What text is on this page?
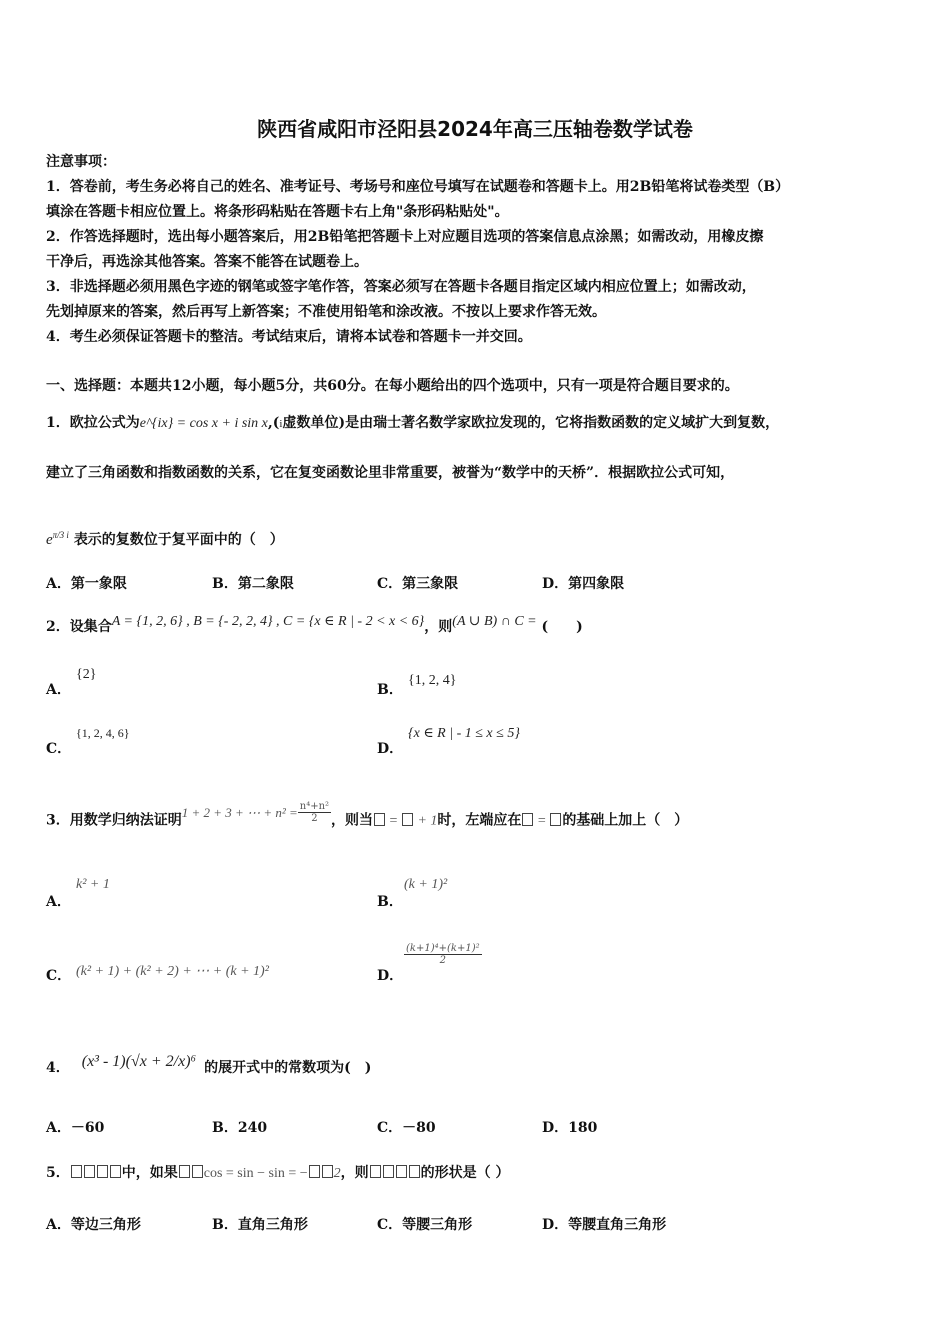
陕西省咸阳市泾阳县2024年高三压轴卷数学试卷
注意事项：
1．答卷前，考生务必将自己的姓名、准考证号、考场号和座位号填写在试题卷和答题卡上。用2B铅笔将试卷类型（B）
填涂在答题卡相应位置上。将条形码粘贴在答题卡右上角"条形码粘贴处"。
2．作答选择题时，选出每小题答案后，用2B铅笔把答题卡上对应题目选项的答案信息点涂黑；如需改动，用橡皮擦
干净后，再选涂其他答案。答案不能答在试题卷上。
3．非选择题必须用黑色字迹的钢笔或签字笔作答，答案必须写在答题卡各题目指定区域内相应位置上；如需改动，
先划掉原来的答案，然后再写上新答案；不准使用铅笔和涂改液。不按以上要求作答无效。
4．考生必须保证答题卡的整洁。考试结束后，请将本试卷和答题卡一并交回。
一、选择题：本题共12小题，每小题5分，共60分。在每小题给出的四个选项中，只有一项是符合题目要求的。
1．欧拉公式为e^{ix} = cos x + i sin x,(i虚数单位)是由瑞士著名数学家欧拉发现的，它将指数函数的定义域扩大到复数，
建立了三角函数和指数函数的关系，它在复变函数论里非常重要，被誉为“数学中的天桥”．根据欧拉公式可知，
$e^{\pi/3 i}$ 表示的复数位于复平面中的（　）
A．第一象限	B．第二象限	C．第三象限	D．第四象限
2．设集合A = {1, 2, 6} , B = {- 2, 2, 4} , C = {x ∈ R | - 2 < x < 6}，则(A ∪ B) ∩ C = (　　)
A．
{2}
B．
{1, 2, 4}
C．
{1, 2, 4, 6}
D．
{x ∈ R | - 1 ≤ x ≤ 5}
3．用数学归纳法证明1 + 2 + 3 + ⋯ + $n^2 = \frac{\text{n⁴+n²}}{2}$ ，则当 =  + 1时，左端应在 = 的基础上加上（　）
A．
k² + 1
B．
(k + 1)²
C． (k² + 1) + (k² + 2) + ⋯ + (k + 1)²	D．
$\frac{\text{(k+1)⁴+(k+1)²}}{2}$
4． (x³ - 1)(√x + 2/x)⁶ 的展开式中的常数项为(　)
A．－60	B．240	C．－80	D．180
5．	中，如果 cos = sin − sin = − 2，则	的形状是（ ）
A．等边三角形	B．直角三角形	C．等腰三角形	D．等腰直角三角形
